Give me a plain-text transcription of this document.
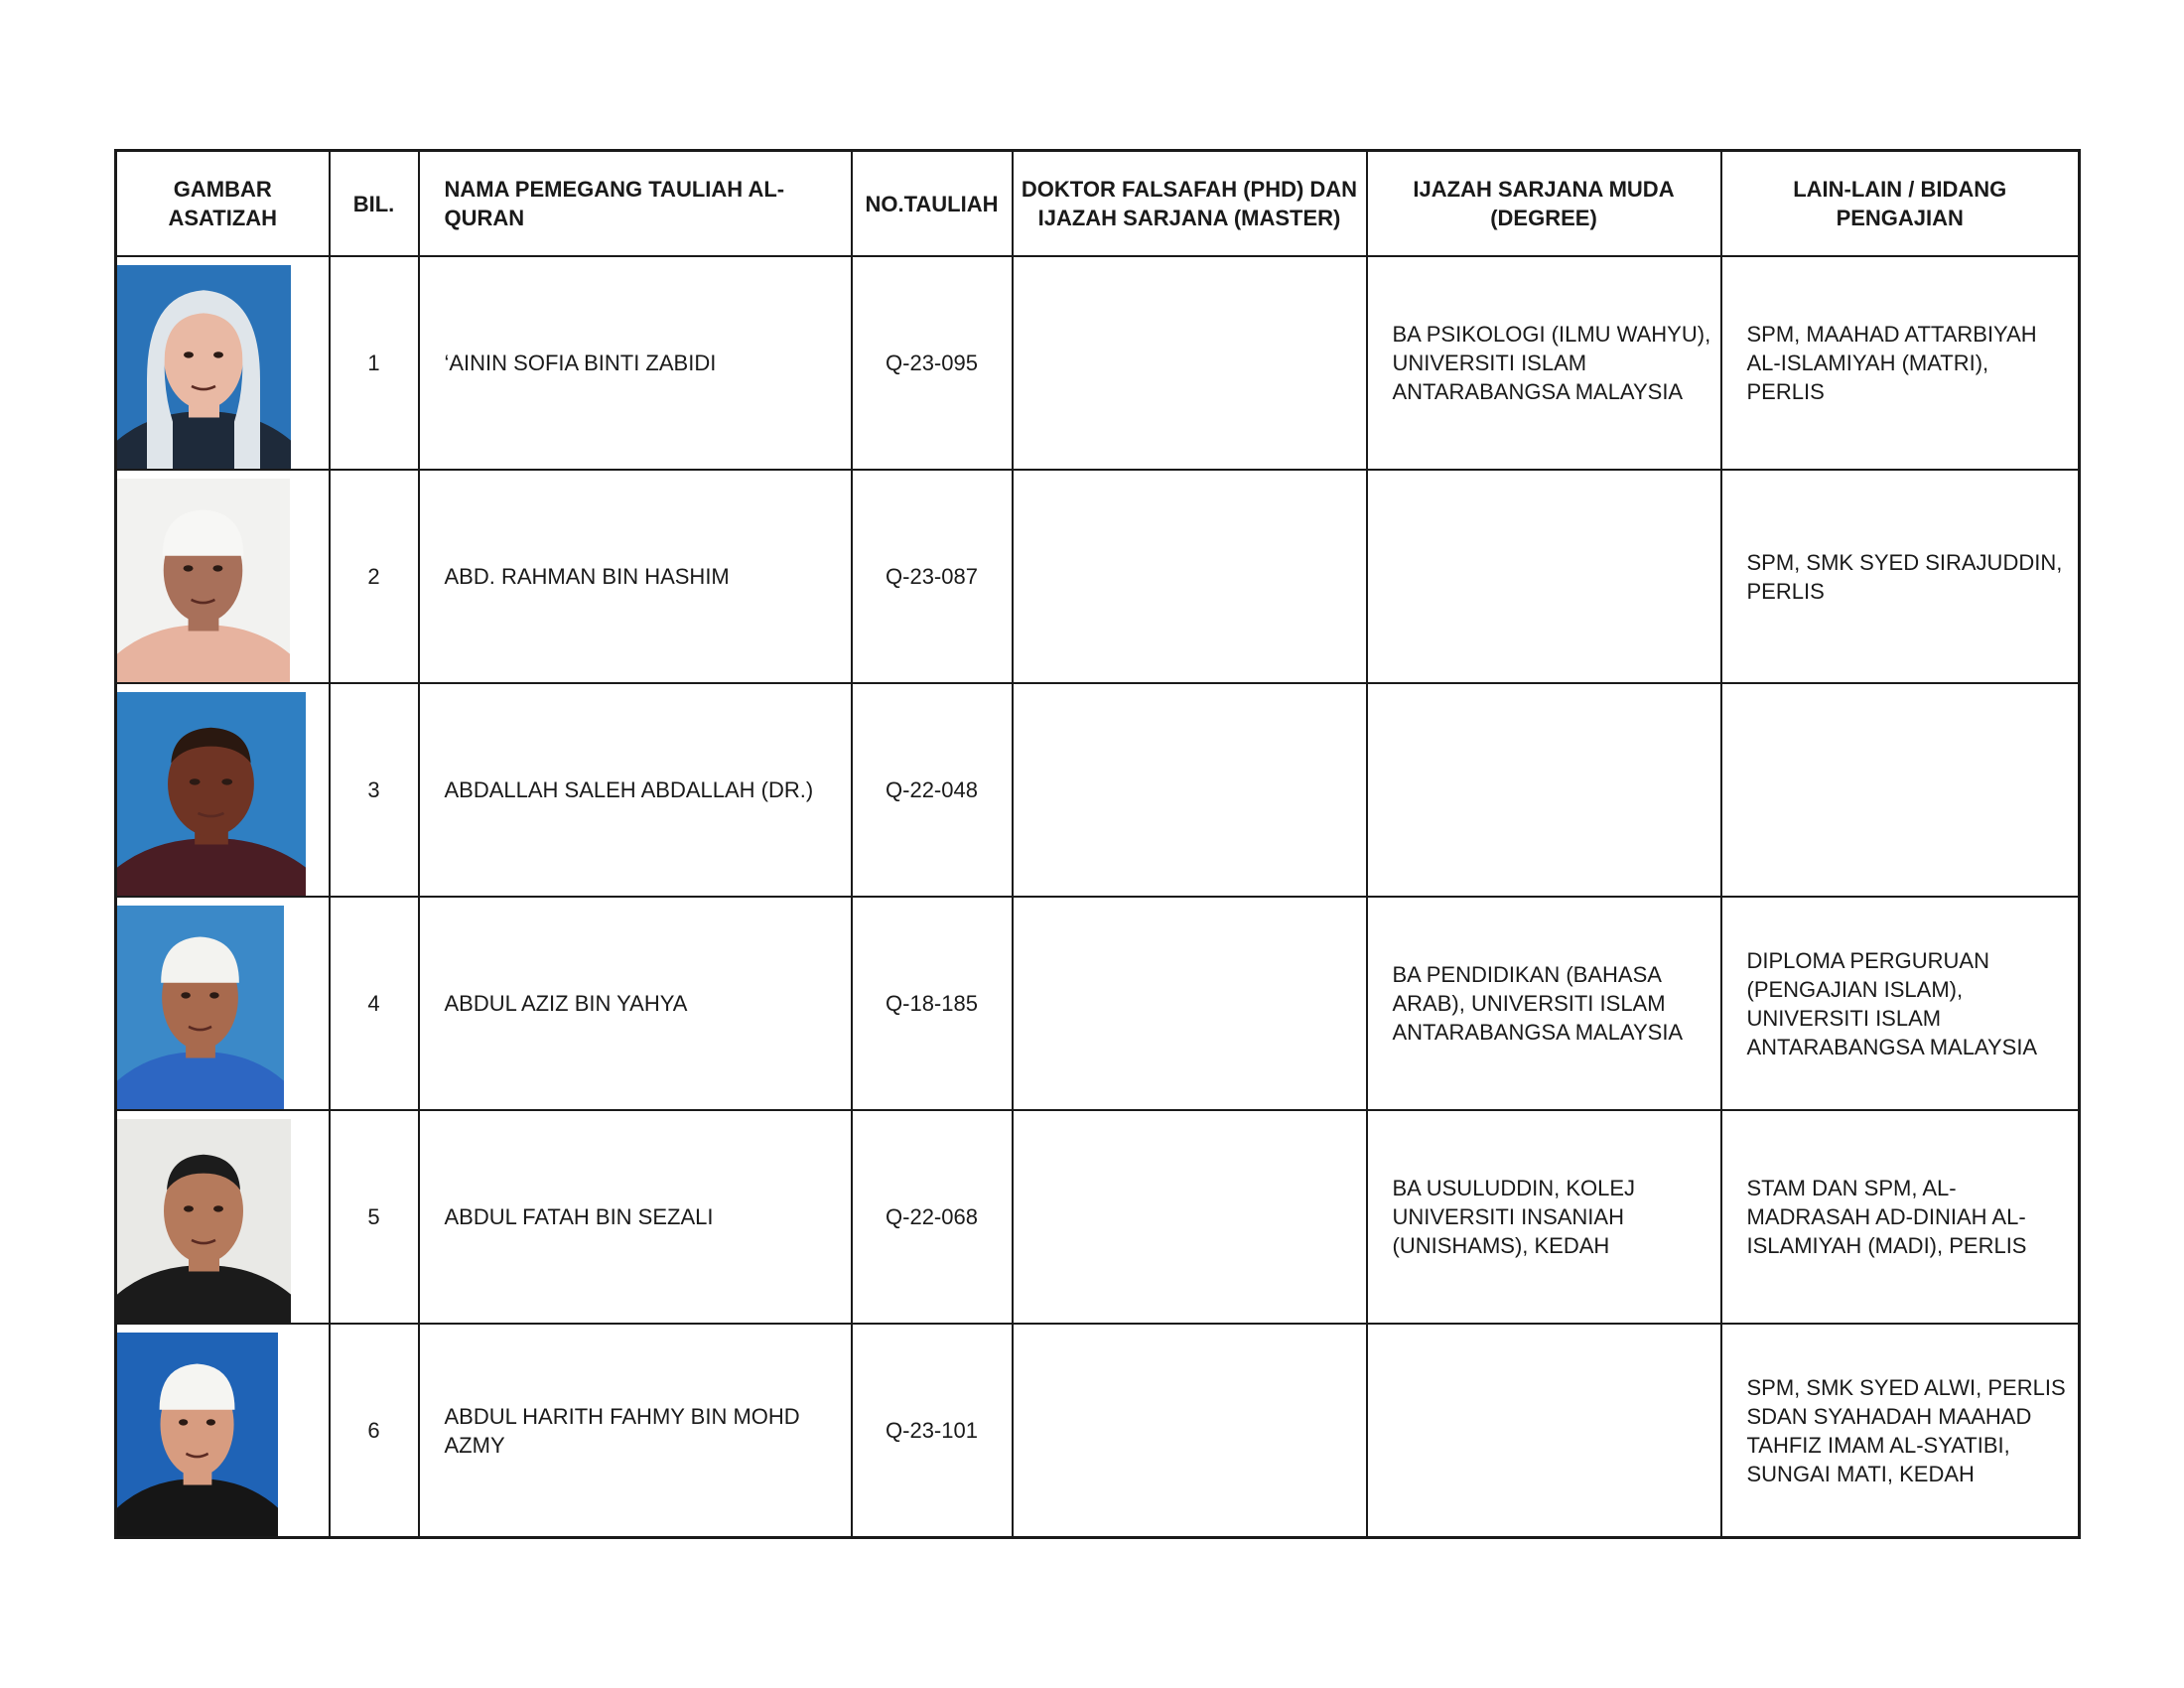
GAMBAR ASATIZAH	BIL.	NAMA PEMEGANG TAULIAH AL-QURAN	NO.TAULIAH	DOKTOR FALSAFAH (PHD) DAN IJAZAH SARJANA (MASTER)	IJAZAH SARJANA MUDA (DEGREE)	LAIN-LAIN / BIDANG PENGAJIAN

	1	‘AININ SOFIA BINTI ZABIDI	Q-23-095		BA PSIKOLOGI (ILMU WAHYU), UNIVERSITI ISLAM ANTARABANGSA MALAYSIA	SPM, MAAHAD ATTARBIYAH AL-ISLAMIYAH (MATRI), PERLIS

	2	ABD. RAHMAN BIN HASHIM	Q-23-087			SPM, SMK SYED SIRAJUDDIN, PERLIS

	3	ABDALLAH SALEH ABDALLAH (DR.)	Q-22-048			

	4	ABDUL AZIZ BIN YAHYA	Q-18-185		BA PENDIDIKAN (BAHASA ARAB), UNIVERSITI ISLAM ANTARABANGSA MALAYSIA	DIPLOMA PERGURUAN (PENGAJIAN ISLAM), UNIVERSITI ISLAM ANTARABANGSA MALAYSIA

	5	ABDUL FATAH BIN SEZALI	Q-22-068		BA USULUDDIN, KOLEJ UNIVERSITI INSANIAH (UNISHAMS), KEDAH	STAM DAN SPM, AL-MADRASAH AD-DINIAH AL-ISLAMIYAH (MADI), PERLIS

	6	ABDUL HARITH FAHMY BIN MOHD AZMY	Q-23-101			SPM, SMK SYED ALWI, PERLIS SDAN SYAHADAH MAAHAD TAHFIZ IMAM AL-SYATIBI, SUNGAI MATI, KEDAH
